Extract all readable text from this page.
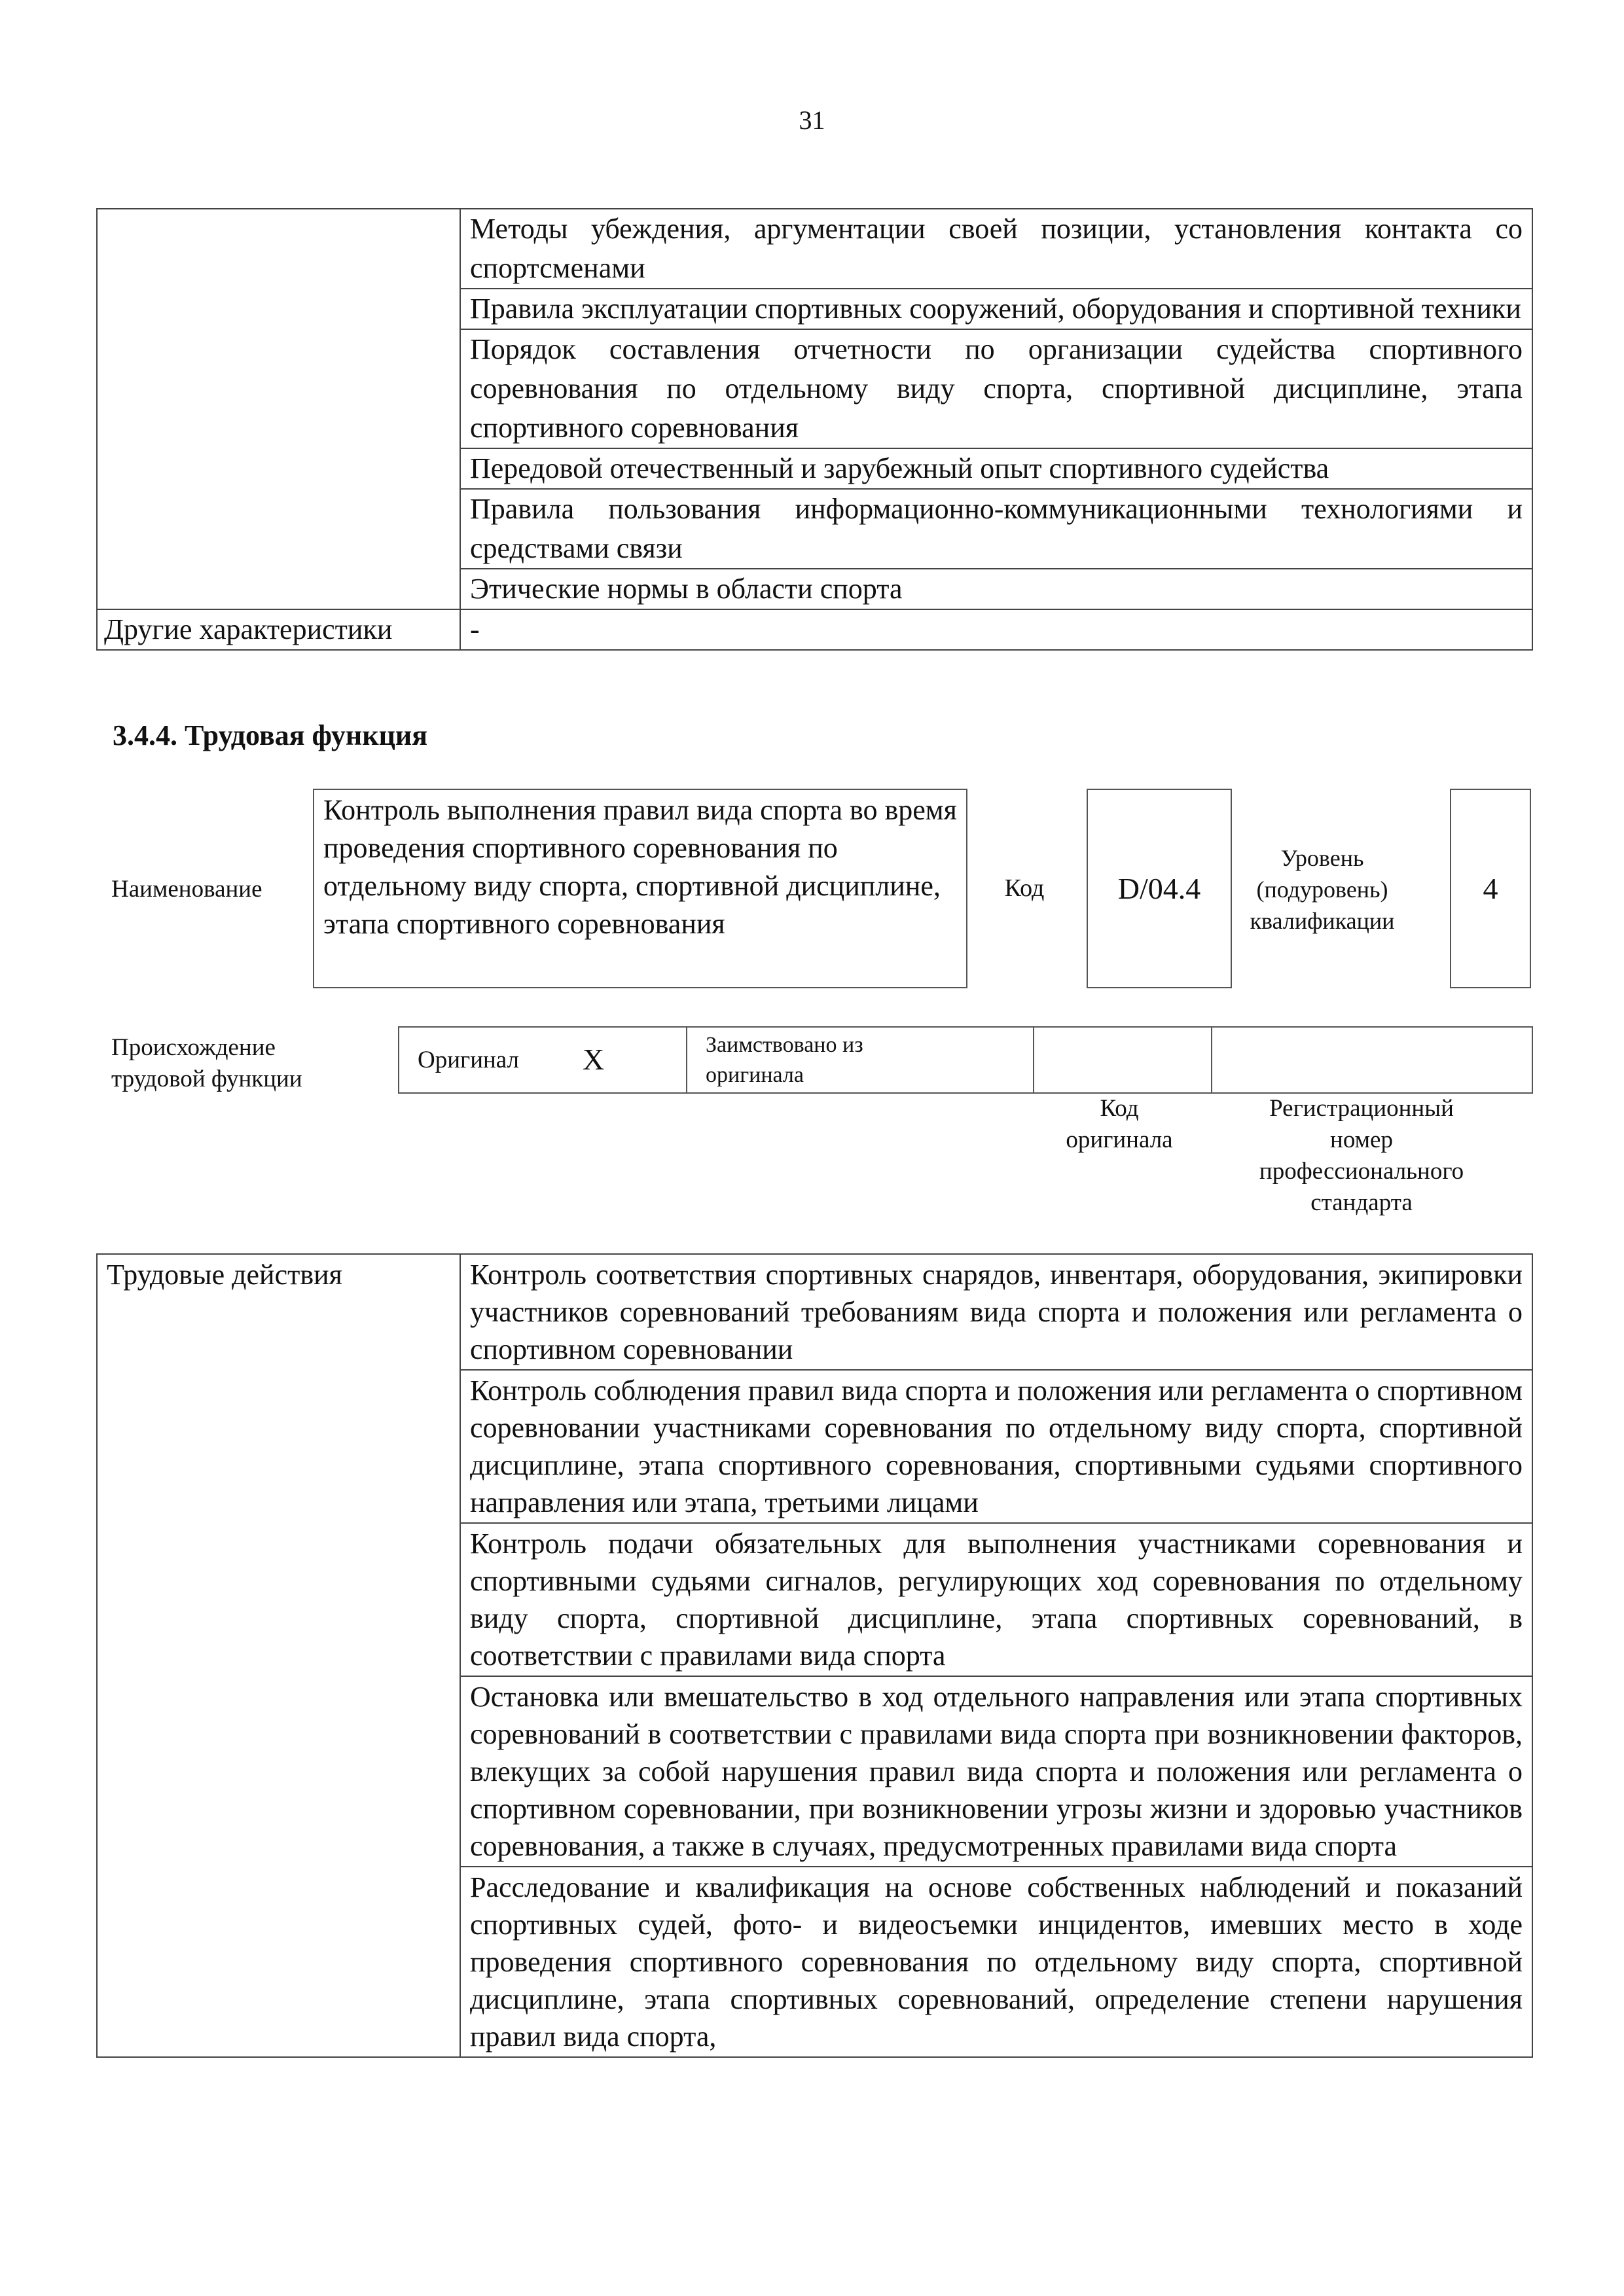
31
	Методы убеждения, аргументации своей позиции, установления контакта со спортсменами
	Правила эксплуатации спортивных сооружений, оборудования и спортивной техники
	Порядок составления отчетности по организации судейства спортивного соревнования по отдельному виду спорта, спортивной дисциплине, этапа спортивного соревнования
	Передовой отечественный и зарубежный опыт спортивного судейства
	Правила пользования информационно-коммуникационными технологиями и средствами связи
	Этические нормы в области спорта
Другие характеристики	-
3.4.4. Трудовая функция
Наименование
Контроль выполнения правил вида спорта во время проведения спортивного соревнования по отдельному виду спорта, спортивной дисциплине, этапа спортивного соревнования
Код	D/04.4
Уровень
(подуровень)
квалификации
4
Происхождение
трудовой функции
Оригинал X	Заимствовано из
оригинала
Код
оригинала
Регистрационный
номер
профессионального
стандарта
Трудовые действия	Контроль соответствия спортивных снарядов, инвентаря, оборудования, экипировки участников соревнований требованиям вида спорта и положения или регламента о спортивном соревновании
Контроль соблюдения правил вида спорта и положения или регламента о спортивном соревновании участниками соревнования по отдельному виду спорта, спортивной дисциплине, этапа спортивного соревнования, спортивными судьями спортивного направления или этапа, третьими лицами
Контроль подачи обязательных для выполнения участниками соревнования и спортивными судьями сигналов, регулирующих ход соревнования по отдельному виду спорта, спортивной дисциплине, этапа спортивных соревнований, в соответствии с правилами вида спорта
Остановка или вмешательство в ход отдельного направления или этапа спортивных соревнований в соответствии с правилами вида спорта при возникновении факторов, влекущих за собой нарушения правил вида спорта и положения или регламента о спортивном соревновании, при возникновении угрозы жизни и здоровью участников соревнования, а также в случаях, предусмотренных правилами вида спорта
Расследование и квалификация на основе собственных наблюдений и показаний спортивных судей, фото- и видеосъемки инцидентов, имевших место в ходе проведения спортивного соревнования по отдельному виду спорта, спортивной дисциплине, этапа спортивных соревнований, определение степени нарушения правил вида спорта,
